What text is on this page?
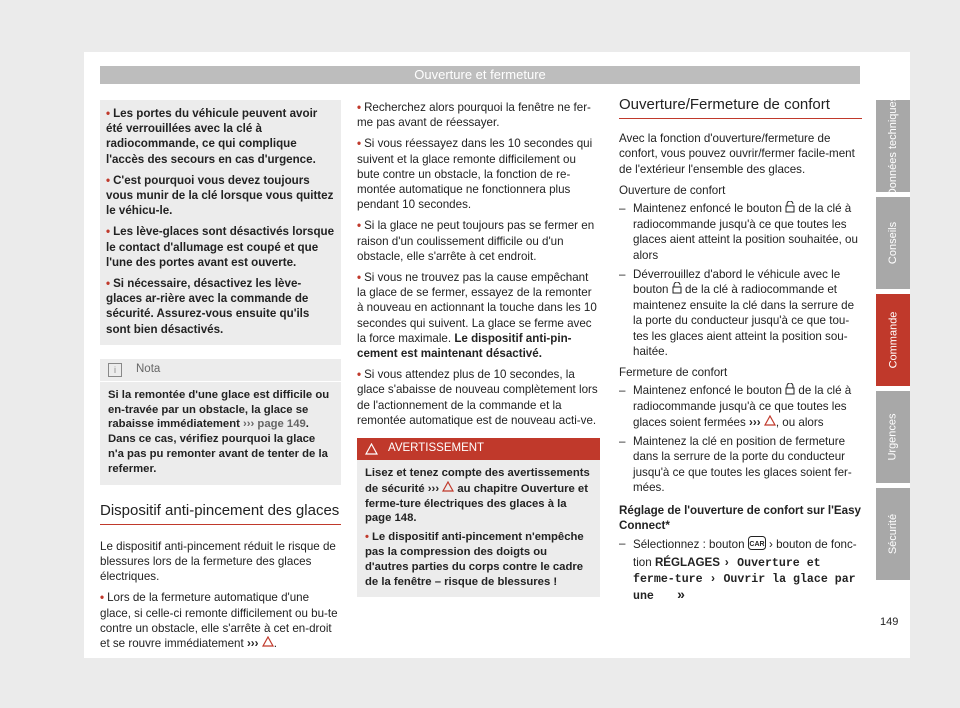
Ouverture et fermeture

• Les portes du véhicule peuvent avoir été verrouillées avec la clé à radiocommande, ce qui complique l'accès des secours en cas d'urgence.

• C'est pourquoi vous devez toujours vous munir de la clé lorsque vous quittez le véhicu-le.

• Les lève-glaces sont désactivés lorsque le contact d'allumage est coupé et que l'une des portes avant est ouverte.

• Si nécessaire, désactivez les lève-glaces ar-rière avec la commande de sécurité. Assurez-vous ensuite qu'ils sont bien désactivés.

i	Nota
Si la remontée d'une glace est difficile ou en-travée par un obstacle, la glace se rabaisse immédiatement ››› page 149. Dans ce cas, vérifiez pourquoi la glace n'a pas pu remonter avant de tenter de la refermer.
Dispositif anti-pincement des glaces

Le dispositif anti-pincement réduit le risque de blessures lors de la fermeture des glaces électriques.

• Lors de la fermeture automatique d'une glace, si celle-ci remonte difficilement ou bu-te contre un obstacle, elle s'arrête à cet en-droit et se rouvre immédiatement ››› .

• Recherchez alors pourquoi la fenêtre ne fer-me pas avant de réessayer.

• Si vous réessayez dans les 10 secondes qui suivent et la glace remonte difficilement ou bute contre un obstacle, la fonction de re-montée automatique ne fonctionnera plus pendant 10 secondes.

• Si la glace ne peut toujours pas se fermer en raison d'un coulissement difficile ou d'un obstacle, elle s'arrête à cet endroit.

• Si vous ne trouvez pas la cause empêchant la glace de se fermer, essayez de la remonter à nouveau en actionnant la touche dans les 10 secondes qui suivent. La glace se ferme avec la force maximale. Le dispositif anti-pin-cement est maintenant désactivé.

• Si vous attendez plus de 10 secondes, la glace s'abaisse de nouveau complètement lors de l'actionnement de la commande et la remontée automatique est de nouveau acti-ve.

AVERTISSEMENT
Lisez et tenez compte des avertissements de sécurité ››› au chapitre Ouverture et ferme-ture électriques des glaces à la page 148.
• Le dispositif anti-pincement n'empêche pas la compression des doigts ou d'autres parties du corps contre le cadre de la fenêtre – risque de blessures !
Ouverture/Fermeture de confort

Avec la fonction d'ouverture/fermeture de confort, vous pouvez ouvrir/fermer facile-ment de l'extérieur l'ensemble des glaces.

Ouverture de confort

– Maintenez enfoncé le bouton de la clé à radiocommande jusqu'à ce que toutes les glaces aient atteint la position souhaitée, ou alors
– Déverrouillez d'abord le véhicule avec le bouton de la clé à radiocommande et maintenez ensuite la clé dans la serrure de la porte du conducteur jusqu'à ce que tou-tes les glaces aient atteint la position sou-haitée.

Fermeture de confort

– Maintenez enfoncé le bouton de la clé à radiocommande jusqu'à ce que toutes les glaces soient fermées ››› , ou alors
– Maintenez la clé en position de fermeture dans la serrure de la porte du conducteur jusqu'à ce que toutes les glaces soient fer-mées.

Réglage de l'ouverture de confort sur l'Easy Connect*

– Sélectionnez : bouton CAR › bouton de fonc-tion RÉGLAGES › Ouverture et ferme-ture › Ouvrir la glace par une »
Données techniques
Conseils
Commande
Urgences
Sécurité
149
